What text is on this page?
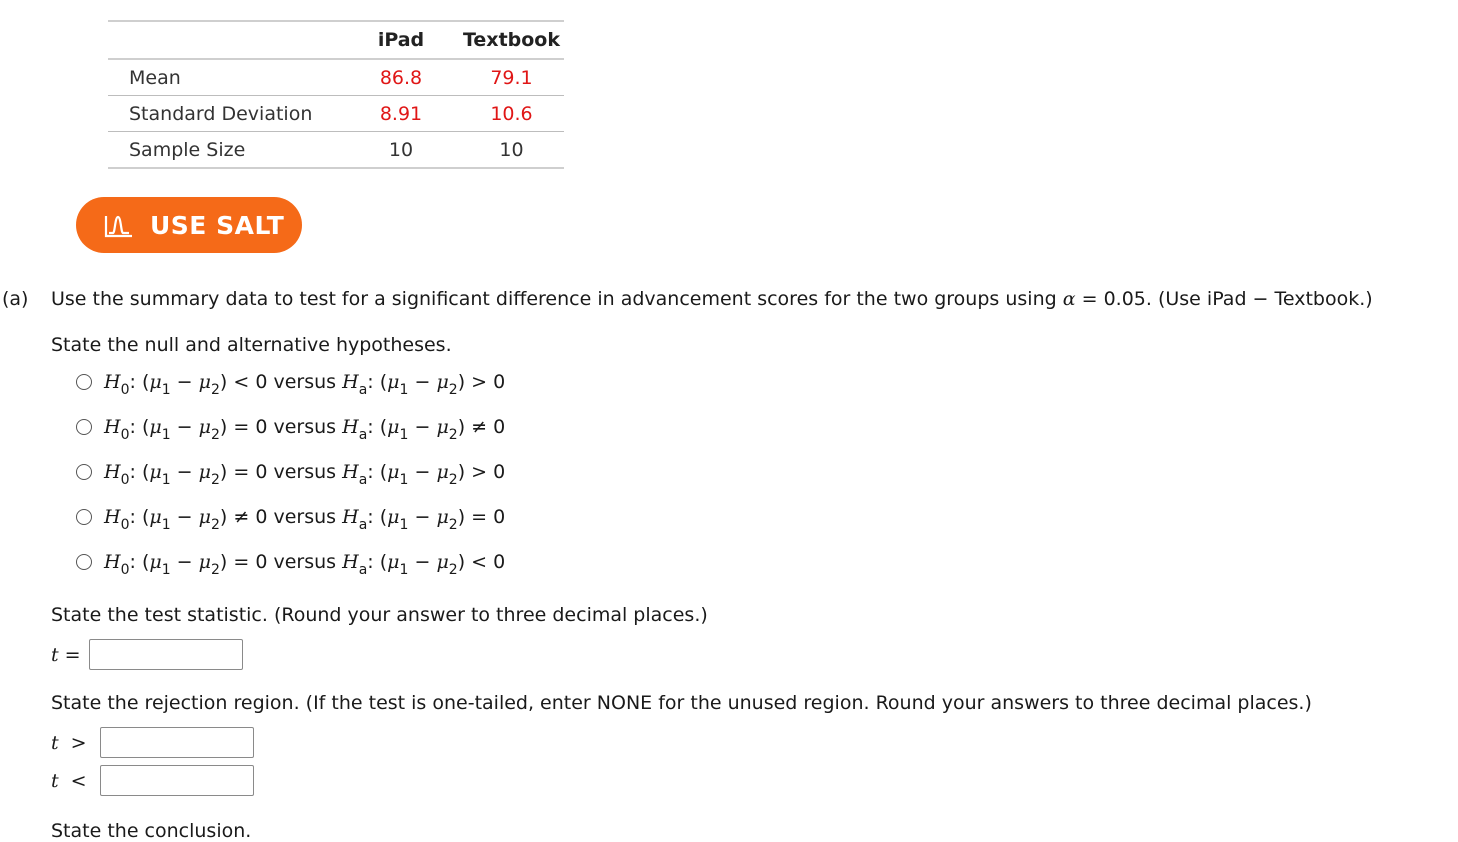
	iPad	Textbook
Mean	86.8	79.1
Standard Deviation	8.91	10.6
Sample Size	10	10
USE SALT
(a) Use the summary data to test for a significant difference in advancement scores for the two groups using α = 0.05. (Use iPad − Textbook.)
State the null and alternative hypotheses.
$H_0$: $(\mu_1 - \mu_2) < 0$ versus $H_a$: $(\mu_1 - \mu_2) > 0$
$H_0$: $(\mu_1 - \mu_2) = 0$ versus $H_a$: $(\mu_1 - \mu_2) \ne 0$
$H_0$: $(\mu_1 - \mu_2) = 0$ versus $H_a$: $(\mu_1 - \mu_2) > 0$
$H_0$: $(\mu_1 - \mu_2) \ne 0$ versus $H_a$: $(\mu_1 - \mu_2) = 0$
$H_0$: $(\mu_1 - \mu_2) = 0$ versus $H_a$: $(\mu_1 - \mu_2) < 0$
State the test statistic. (Round your answer to three decimal places.)
t =
State the rejection region. (If the test is one-tailed, enter NONE for the unused region. Round your answers to three decimal places.)
t >
t <
State the conclusion.
